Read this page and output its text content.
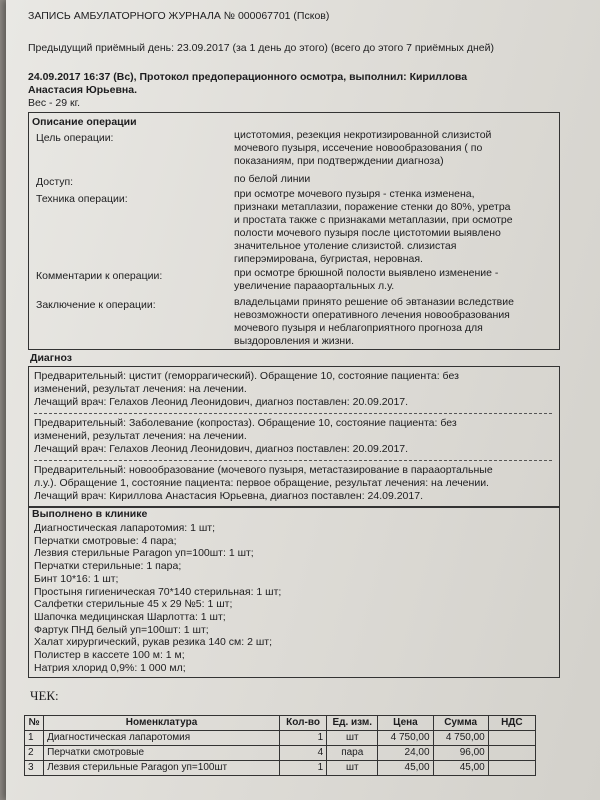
ЗАПИСЬ АМБУЛАТОРНОГО ЖУРНАЛА № 000067701 (Псков)
Предыдущий приёмный день: 23.09.2017 (за 1 день до этого) (всего до этого 7 приёмных дней)
24.09.2017 16:37 (Вс), Протокол предоперационного осмотра, выполнил: Кириллова
Анастасия Юрьевна.
Вес - 29 кг.
Описание операции
Цель операции:	цистотомия, резекция некротизированной слизистой
мочевого пузыря, иссечение новообразования ( по
показаниям, при подтверждении диагноза)
Доступ:	по белой линии
Техника операции:	при осмотре мочевого пузыря - стенка изменена,
признаки метаплазии, поражение стенки до 80%, уретра
и простата также с признаками метаплазии, при осмотре
полости мочевого пузыря после цистотомии выявлено
значительное утоление слизистой. слизистая
гиперэмирована, бугристая, неровная.
Комментарии к операции:	при осмотре брюшной полости выявлено изменение -
увеличение параaортальных л.у.
Заключение к операции:	владельцами принято решение об эвтаназии вследствие
невозможности оперативного лечения новообразования
мочевого пузыря и неблагоприятного прогноза для
выздоровления и жизни.
Диагноз
Предварительный: цистит (геморрагический). Обращение 10, состояние пациента: без
изменений, результат лечения: на лечении.
Лечащий врач: Гелахов Леонид Леонидович, диагноз поставлен: 20.09.2017.
Предварительный: Заболевание (копростаз). Обращение 10, состояние пациента: без
изменений, результат лечения: на лечении.
Лечащий врач: Гелахов Леонид Леонидович, диагноз поставлен: 20.09.2017.
Предварительный: новообразование (мочевого пузыря, метастазирование в парааортальные
л.у.). Обращение 1, состояние пациента: первое обращение, результат лечения: на лечении.
Лечащий врач: Кириллова Анастасия Юрьевна, диагноз поставлен: 24.09.2017.
Выполнено в клинике
Диагностическая лапаротомия: 1 шт;
Перчатки смотровые: 4 пара;
Лезвия стерильные Paragon уп=100шт: 1 шт;
Перчатки стерильные: 1 пара;
Бинт 10*16: 1 шт;
Простыня гигиеническая 70*140 стерильная: 1 шт;
Салфетки стерильные 45 х 29 №5: 1 шт;
Шапочка медицинская Шарлотта: 1 шт;
Фартук ПНД белый уп=100шт: 1 шт;
Халат хирургический, рукав резика 140 см: 2 шт;
Полистер в кассете 100 м: 1 м;
Натрия хлорид 0,9%: 1 000 мл;
ЧЕК:
№	Номенклатура	Кол-во	Ед. изм.	Цена	Сумма	НДС
1	Диагностическая лапаротомия	1	шт	4 750,00	4 750,00	
2	Перчатки смотровые	4	пара	24,00	96,00	
3	Лезвия стерильные Paragon уп=100шт	1	шт	45,00	45,00	
